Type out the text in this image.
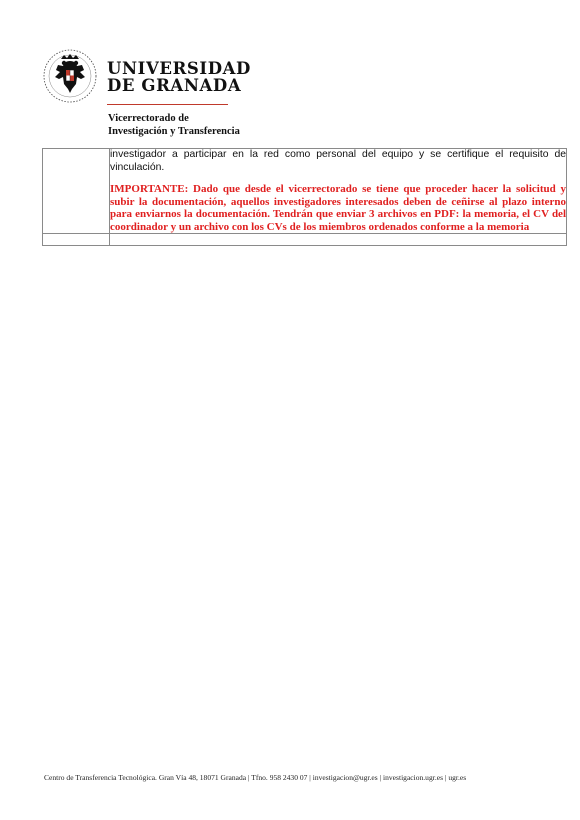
UNIVERSIDAD
DE GRANADA
Vicerrectorado de
Investigación y Transferencia

	investigador a participar en la red como personal del equipo y se certifique el requisito de vinculación.

IMPORTANTE: Dado que desde el vicerrectorado se tiene que proceder hacer la solicitud y subir la documentación, aquellos investigadores interesados deben de ceñirse al plazo interno para enviarnos la documentación. Tendrán que enviar 3 archivos en PDF: la memoria, el CV del coordinador y un archivo con los CVs de los miembros ordenados conforme a la memoria

Centro de Transferencia Tecnológica. Gran Vía 48, 18071 Granada | Tfno. 958 2430 07 | investigacion@ugr.es | investigacion.ugr.es | ugr.es
